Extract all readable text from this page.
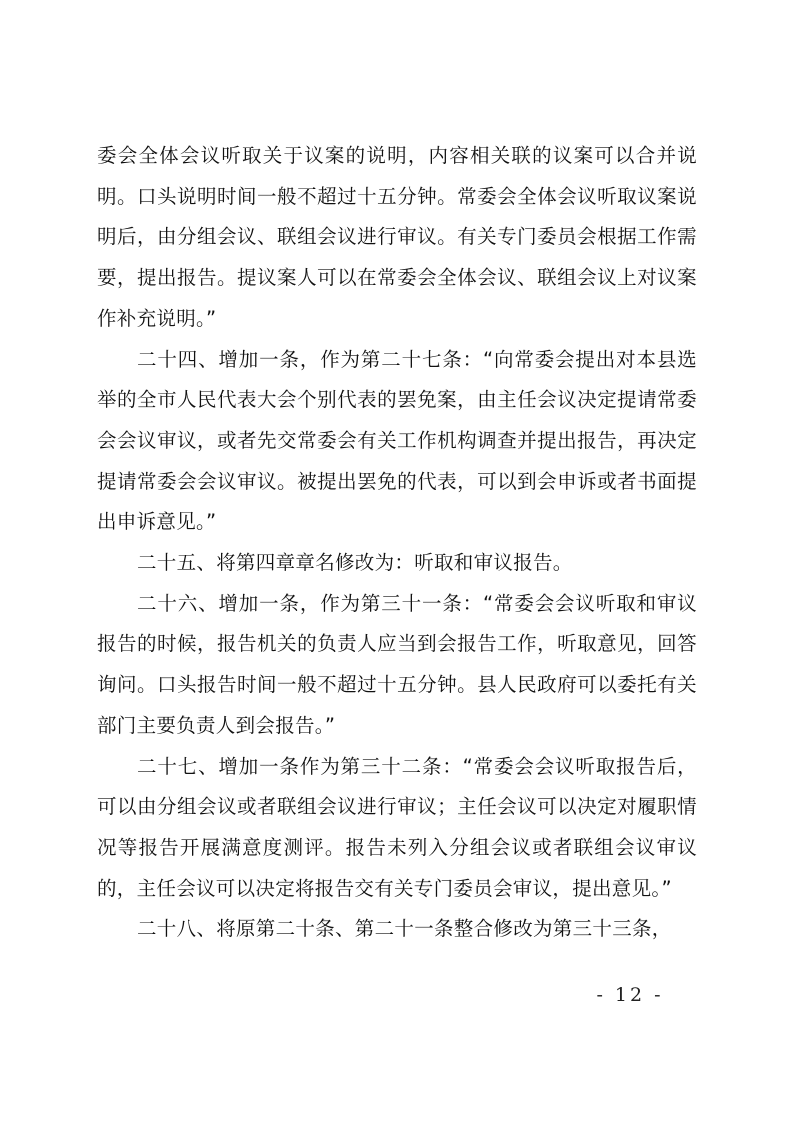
委会全体会议听取关于议案的说明，内容相关联的议案可以合并说明。口头说明时间一般不超过十五分钟。常委会全体会议听取议案说明后，由分组会议、联组会议进行审议。有关专门委员会根据工作需要，提出报告。提议案人可以在常委会全体会议、联组会议上对议案作补充说明。”

二十四、增加一条，作为第二十七条：“向常委会提出对本县选举的全市人民代表大会个别代表的罢免案，由主任会议决定提请常委会会议审议，或者先交常委会有关工作机构调查并提出报告，再决定提请常委会会议审议。被提出罢免的代表，可以到会申诉或者书面提出申诉意见。”

二十五、将第四章章名修改为：听取和审议报告。

二十六、增加一条，作为第三十一条：“常委会会议听取和审议报告的时候，报告机关的负责人应当到会报告工作，听取意见，回答询问。口头报告时间一般不超过十五分钟。县人民政府可以委托有关部门主要负责人到会报告。”

二十七、增加一条作为第三十二条：“常委会会议听取报告后，可以由分组会议或者联组会议进行审议；主任会议可以决定对履职情况等报告开展满意度测评。报告未列入分组会议或者联组会议审议的，主任会议可以决定将报告交有关专门委员会审议，提出意见。”

二十八、将原第二十条、第二十一条整合修改为第三十三条，

- 12 -
